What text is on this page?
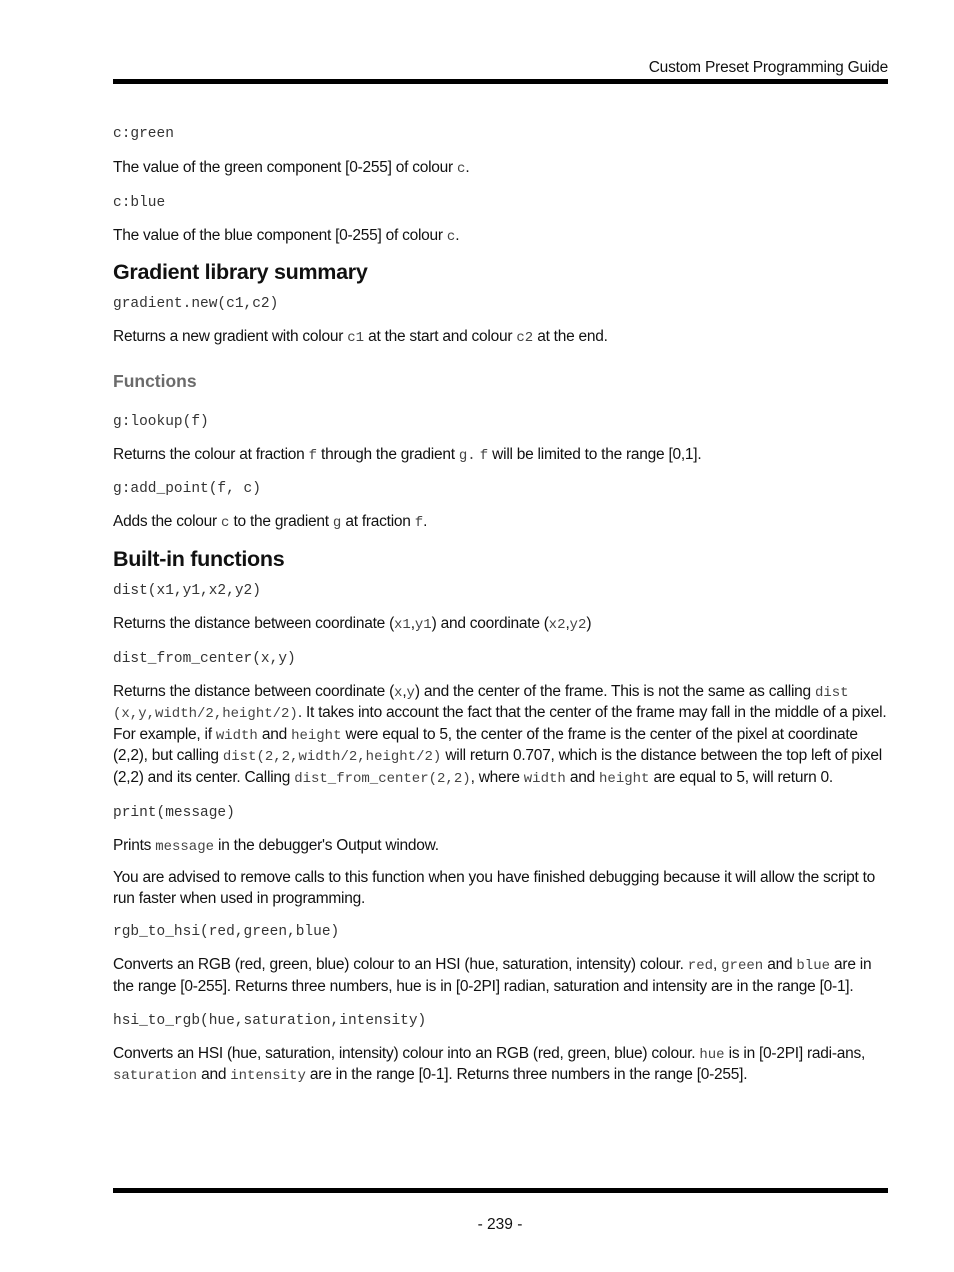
Custom Preset Programming Guide
c:green

The value of the green component [0-255] of colour c.

c:blue

The value of the blue component [0-255] of colour c.

Gradient library summary
gradient.new(c1,c2)

Returns a new gradient with colour c1 at the start and colour c2 at the end.

Functions
g:lookup(f)

Returns the colour at fraction f through the gradient g. f will be limited to the range [0,1].

g:add_point(f, c)

Adds the colour c to the gradient g at fraction f.

Built-in functions
dist(x1,y1,x2,y2)

Returns the distance between coordinate (x1,y1) and coordinate (x2,y2)

dist_from_center(x,y)

Returns the distance between coordinate (x,y) and the center of the frame. This is not the same as calling dist (x,y,width/2,height/2). It takes into account the fact that the center of the frame may fall in the middle of a pixel. For example, if width and height were equal to 5, the center of the frame is the center of the pixel at coordinate (2,2), but calling dist(2,2,width/2,height/2) will return 0.707, which is the distance between the top left of pixel (2,2) and its center. Calling dist_from_center(2,2), where width and height are equal to 5, will return 0.

print(message)

Prints message in the debugger's Output window.

You are advised to remove calls to this function when you have finished debugging because it will allow the script to run faster when used in programming.

rgb_to_hsi(red,green,blue)

Converts an RGB (red, green, blue) colour to an HSI (hue, saturation, intensity) colour. red, green and blue are in the range [0-255]. Returns three numbers, hue is in [0-2PI] radian, saturation and intensity are in the range [0-1].

hsi_to_rgb(hue,saturation,intensity)

Converts an HSI (hue, saturation, intensity) colour into an RGB (red, green, blue) colour. hue is in [0-2PI] radi-ans, saturation and intensity are in the range [0-1]. Returns three numbers in the range [0-255].

- 239 -
